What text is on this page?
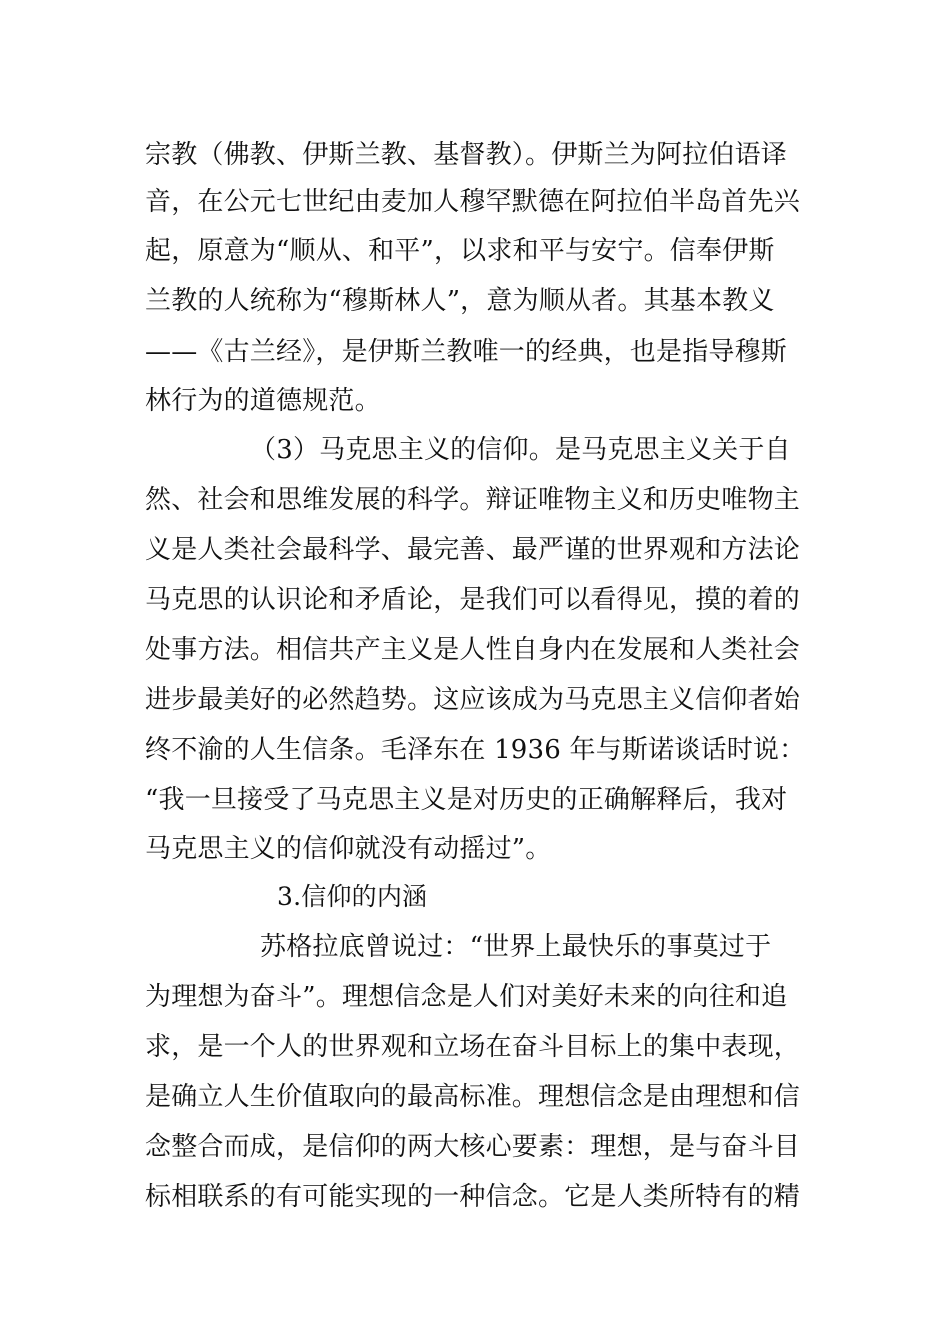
宗教（佛教、伊斯兰教、基督教）。伊斯兰为阿拉伯语译
音，在公元七世纪由麦加人穆罕默德在阿拉伯半岛首先兴
起，原意为“顺从、和平”，以求和平与安宁。信奉伊斯
兰教的人统称为“穆斯林人”，意为顺从者。其基本教义
——《古兰经》，是伊斯兰教唯一的经典，也是指导穆斯
林行为的道德规范。
（3）马克思主义的信仰。是马克思主义关于自
然、社会和思维发展的科学。辩证唯物主义和历史唯物主
义是人类社会最科学、最完善、最严谨的世界观和方法论
马克思的认识论和矛盾论，是我们可以看得见，摸的着的
处事方法。相信共产主义是人性自身内在发展和人类社会
进步最美好的必然趋势。这应该成为马克思主义信仰者始
终不渝的人生信条。毛泽东在 1936 年与斯诺谈话时说：
“我一旦接受了马克思主义是对历史的正确解释后，我对
马克思主义的信仰就没有动摇过”。
3.信仰的内涵
苏格拉底曾说过：“世界上最快乐的事莫过于
为理想为奋斗”。理想信念是人们对美好未来的向往和追
求，是一个人的世界观和立场在奋斗目标上的集中表现，
是确立人生价值取向的最高标准。理想信念是由理想和信
念整合而成，是信仰的两大核心要素：理想，是与奋斗目
标相联系的有可能实现的一种信念。它是人类所特有的精
